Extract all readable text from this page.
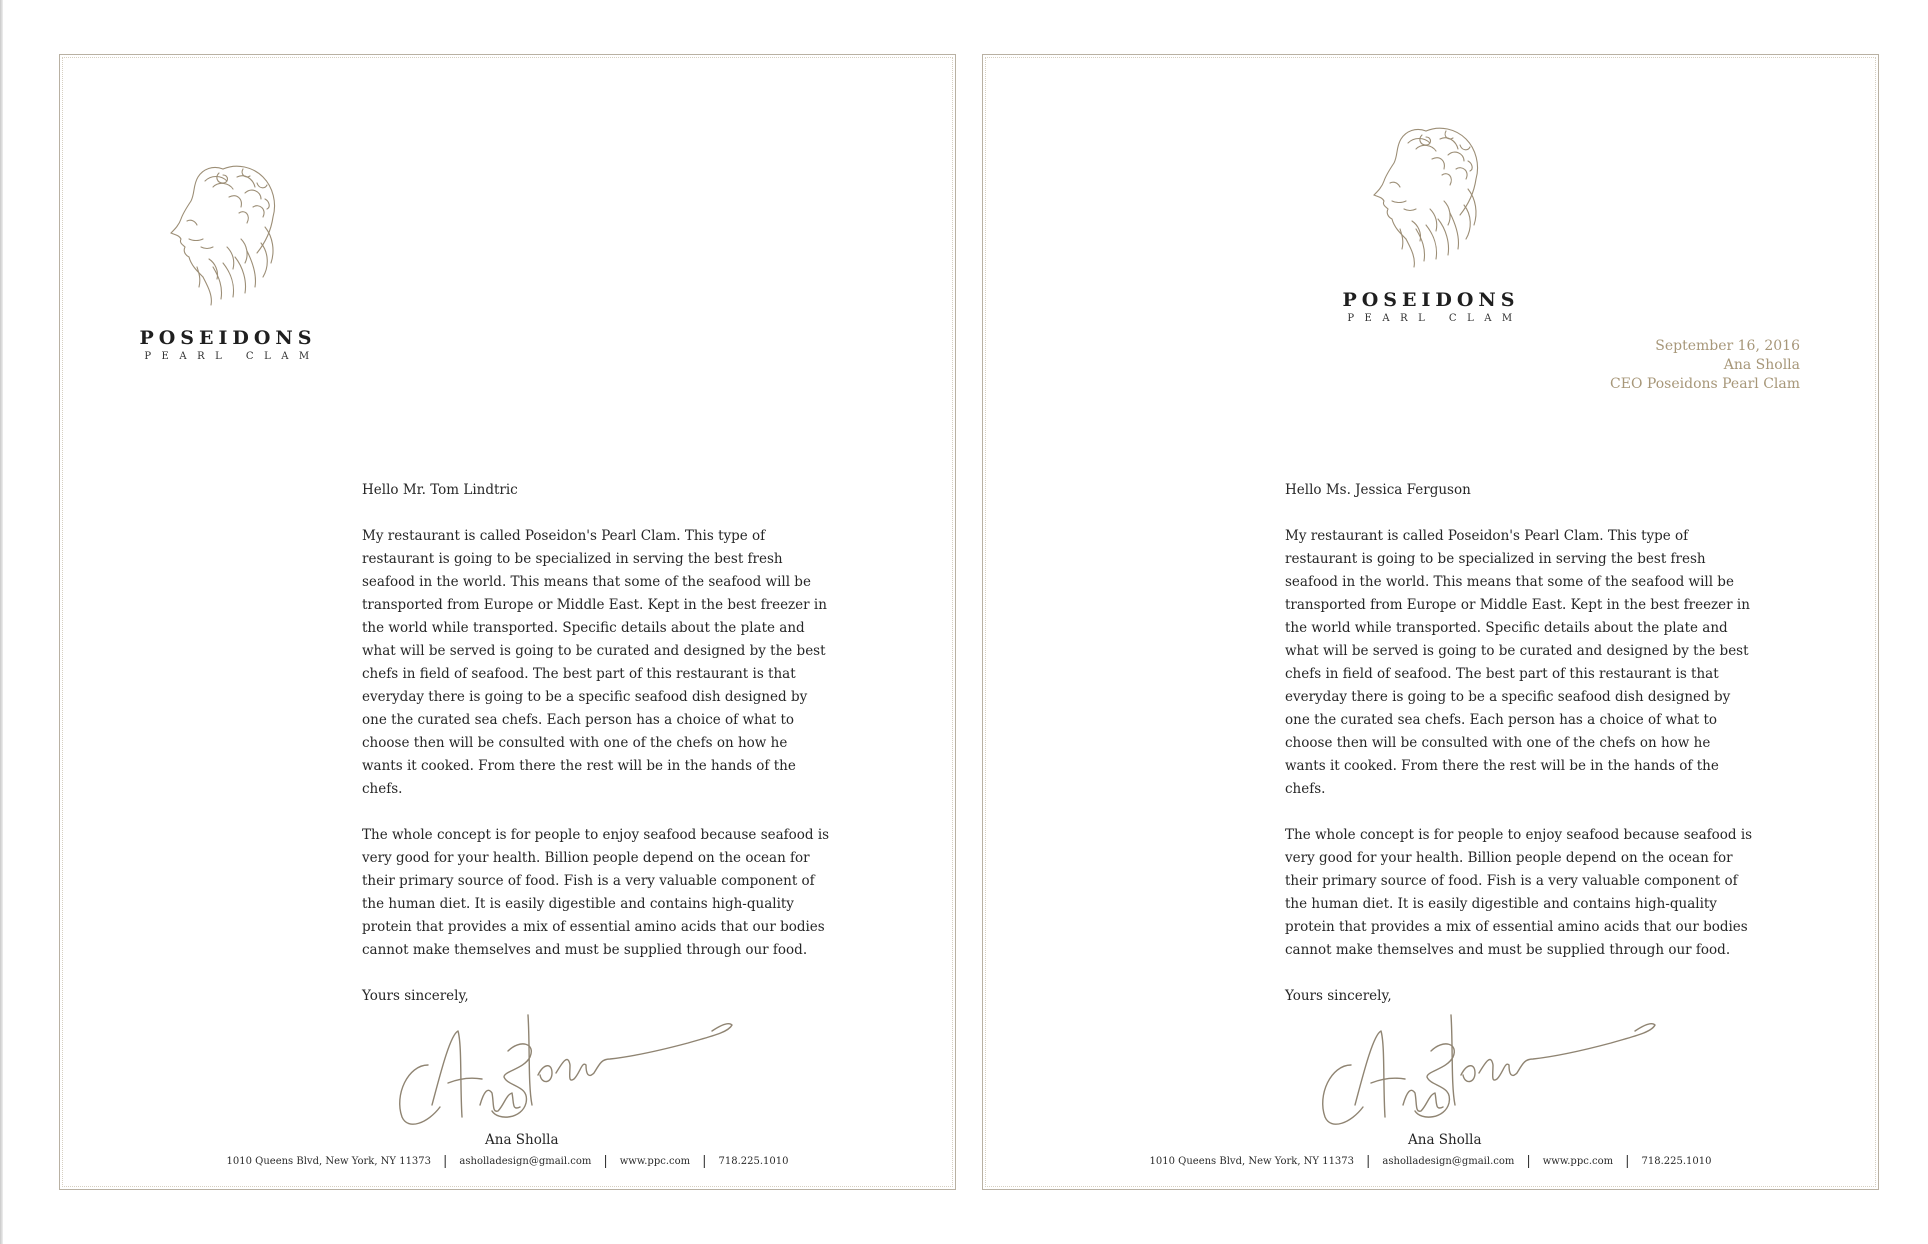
POSEIDONS
PEARL CLAM

Hello Mr. Tom Lindtric

My restaurant is called Poseidon's Pearl Clam. This type of restaurant is going to be specialized in serving the best fresh seafood in the world. This means that some of the seafood will be transported from Europe or Middle East. Kept in the best freezer in the world while transported. Specific details about the plate and what will be served is going to be curated and designed by the best chefs in field of seafood. The best part of this restaurant is that everyday there is going to be a specific seafood dish designed by one the curated sea chefs. Each person has a choice of what to choose then will be consulted with one of the chefs on how he wants it cooked. From there the rest will be in the hands of the chefs.

The whole concept is for people to enjoy seafood because seafood is very good for your health. Billion people depend on the ocean for their primary source of food. Fish is a very valuable component of the human diet. It is easily digestible and contains high-quality protein that provides a mix of essential amino acids that our bodies cannot make themselves and must be supplied through our food.

Yours sincerely,

Ana Sholla
1010 Queens Blvd, New York, NY 11373 | asholladesign@gmail.com | www.ppc.com | 718.225.1010
POSEIDONS
PEARL CLAM
September 16, 2016
Ana Sholla
CEO Poseidons Pearl Clam

Hello Ms. Jessica Ferguson

My restaurant is called Poseidon's Pearl Clam. This type of restaurant is going to be specialized in serving the best fresh seafood in the world. This means that some of the seafood will be transported from Europe or Middle East. Kept in the best freezer in the world while transported. Specific details about the plate and what will be served is going to be curated and designed by the best chefs in field of seafood. The best part of this restaurant is that everyday there is going to be a specific seafood dish designed by one the curated sea chefs. Each person has a choice of what to choose then will be consulted with one of the chefs on how he wants it cooked. From there the rest will be in the hands of the chefs.

The whole concept is for people to enjoy seafood because seafood is very good for your health. Billion people depend on the ocean for their primary source of food. Fish is a very valuable component of the human diet. It is easily digestible and contains high-quality protein that provides a mix of essential amino acids that our bodies cannot make themselves and must be supplied through our food.

Yours sincerely,

Ana Sholla
1010 Queens Blvd, New York, NY 11373 | asholladesign@gmail.com | www.ppc.com | 718.225.1010
